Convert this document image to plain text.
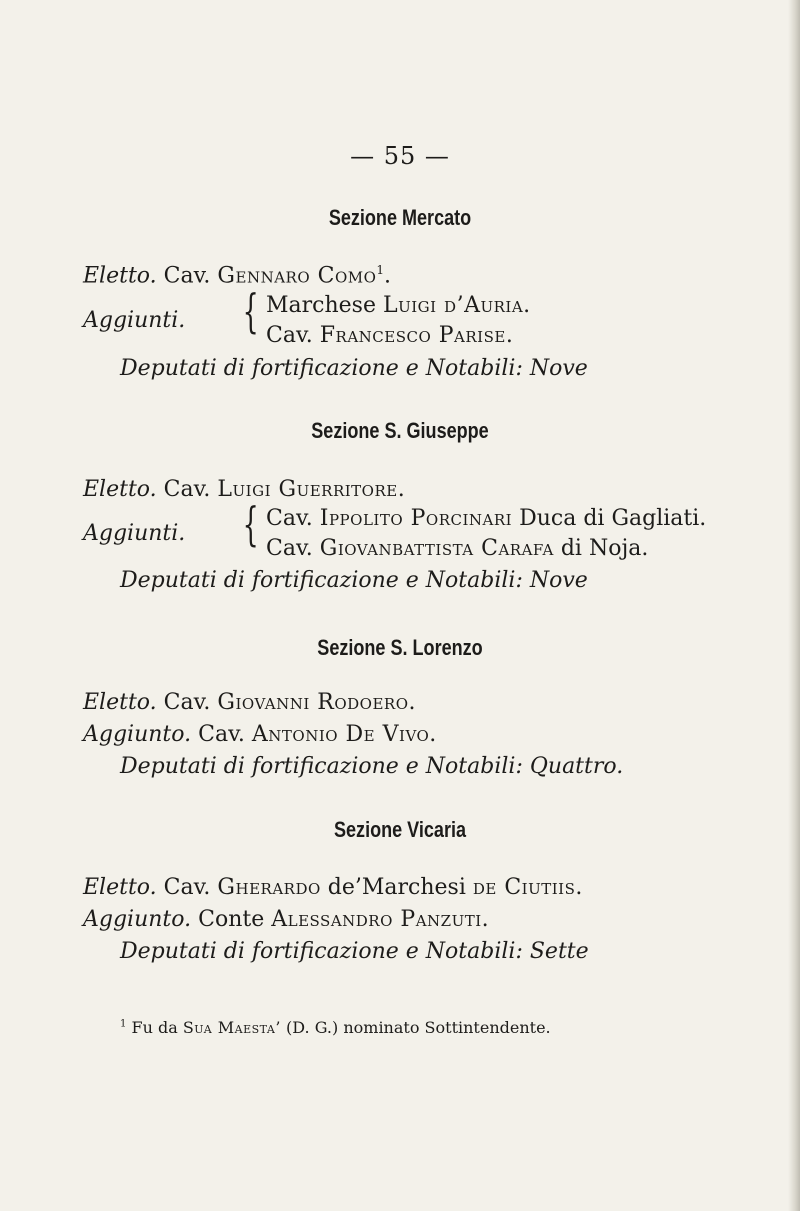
— 55 —
Sezione Mercato
Eletto. Cav. Gennaro Como$^1$.
Aggiunti. { Marchese Luigi d’Auria.
Cav. Francesco Parise.
Deputati di fortificazione e Notabili: Nove
Sezione S. Giuseppe
Eletto. Cav. Luigi Guerritore.
Aggiunti. { Cav. Ippolito Porcinari Duca di Gagliati.
Cav. Giovanbattista Carafa di Noja.
Deputati di fortificazione e Notabili: Nove
Sezione S. Lorenzo
Eletto. Cav. Giovanni Rodoero.
Aggiunto. Cav. Antonio De Vivo.
Deputati di fortificazione e Notabili: Quattro.
Sezione Vicaria
Eletto. Cav. Gherardo de’Marchesi de Ciutiis.
Aggiunto. Conte Alessandro Panzuti.
Deputati di fortificazione e Notabili: Sette
$^1$ Fu da Sua Maesta’ (D. G.) nominato Sottintendente.
